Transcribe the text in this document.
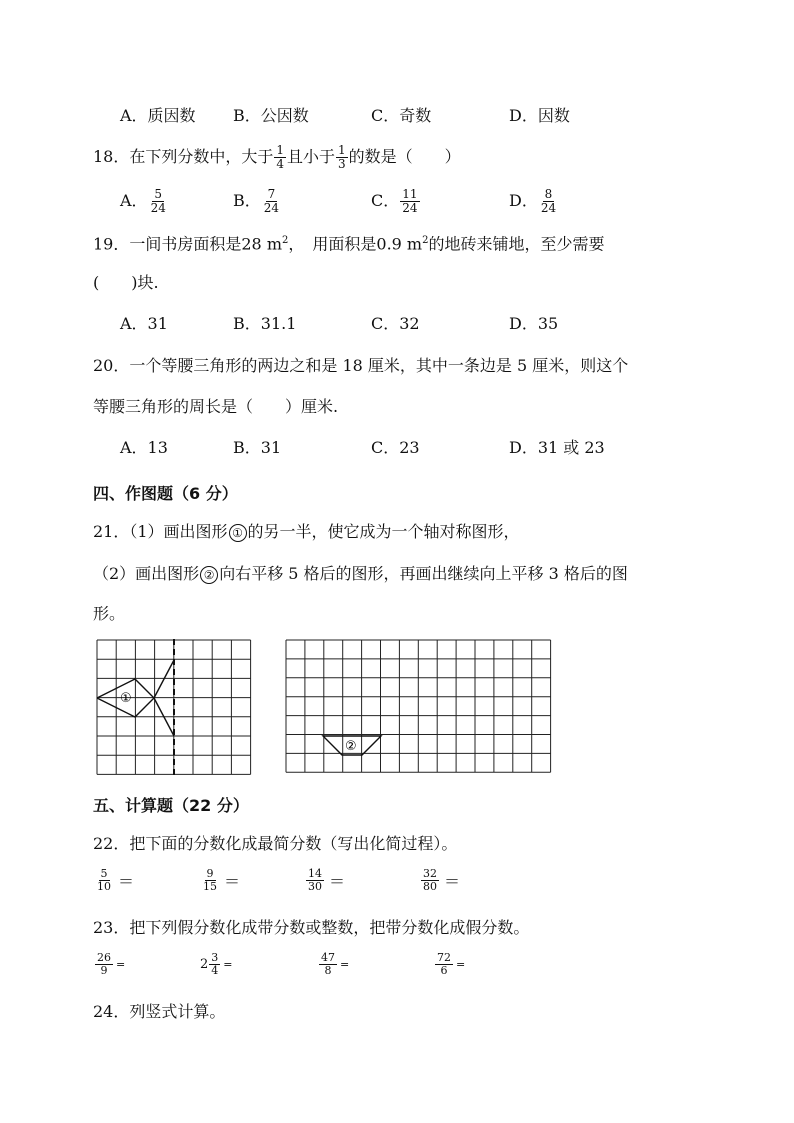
A．质因数 B．公因数	C．奇数	D．因数
18．在下列分数中，大于 $\frac{1}{4}$ 且小于 $\frac{1}{3}$ 的数是（　　）
A． $\frac{5}{24}$	B． $\frac{7}{24}$	C． $\frac{11}{24}$	D． $\frac{8}{24}$
19．一间书房面积是28 $m^2$，　用面积是0.9 $m^2$的地砖来铺地，至少需要
(　　)块.
A．31	B．31.1	C．32	D．35
20．一个等腰三角形的两边之和是 18 厘米，其中一条边是 5 厘米，则这个
等腰三角形的周长是（　　）厘米.
A．13	B．31	C．23	D．31 或 23
四、作图题（6 分）
21．（1）画出图形 ① 的另一半，使它成为一个轴对称图形，
（2）画出图形 ② 向右平移 5 格后的图形，再画出继续向上平移 3 格后的图
形。
①
②
五、计算题（22 分）
22．把下面的分数化成最简分数（写出化简过程）。
$\frac{5}{10}$ ＝	$\frac{9}{15}$ ＝	$\frac{14}{30}$ ＝	$\frac{32}{80}$ ＝
23．把下列假分数化成带分数或整数，把带分数化成假分数。
$\frac{26}{9}$ =	$2 \frac{3}{4}$ =	$\frac{47}{8}$ =	$\frac{72}{6}$ =
24．列竖式计算。
